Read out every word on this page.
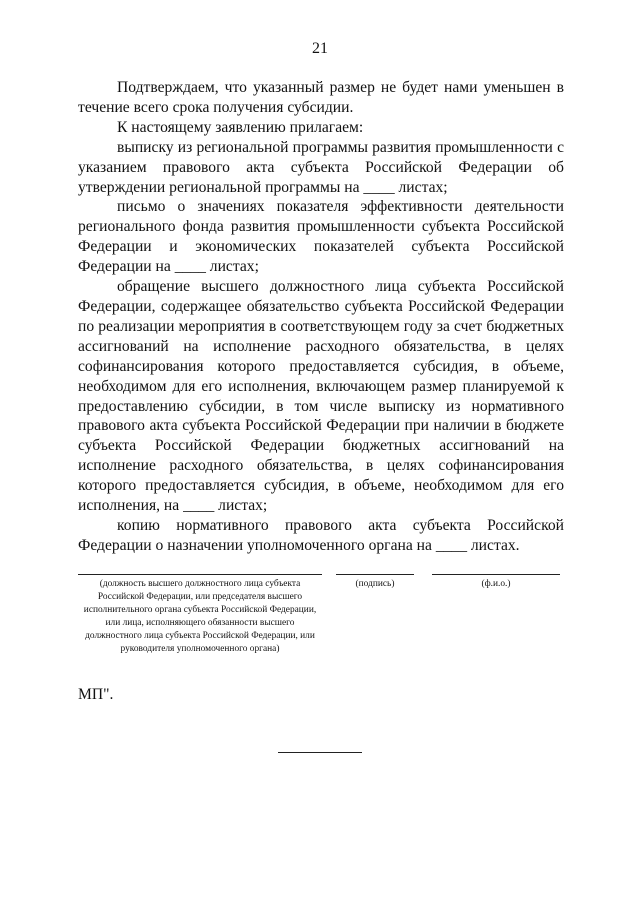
21

Подтверждаем, что указанный размер не будет нами уменьшен в течение всего срока получения субсидии.

К настоящему заявлению прилагаем:

выписку из региональной программы развития промышленности с указанием правового акта субъекта Российской Федерации об утверждении региональной программы на ____ листах;

письмо о значениях показателя эффективности деятельности регионального фонда развития промышленности субъекта Российской Федерации и экономических показателей субъекта Российской Федерации на ____ листах;

обращение высшего должностного лица субъекта Российской Федерации, содержащее обязательство субъекта Российской Федерации по реализации мероприятия в соответствующем году за счет бюджетных ассигнований на исполнение расходного обязательства, в целях софинансирования которого предоставляется субсидия, в объеме, необходимом для его исполнения, включающем размер планируемой к предоставлению субсидии, в том числе выписку из нормативного правового акта субъекта Российской Федерации при наличии в бюджете субъекта Российской Федерации бюджетных ассигнований на исполнение расходного обязательства, в целях софинансирования которого предоставляется субсидия, в объеме, необходимом для его исполнения, на ____ листах;

копию нормативного правового акта субъекта Российской Федерации о назначении уполномоченного органа на ____ листах.

(должность высшего должностного лица субъекта Российской Федерации, или председателя высшего исполнительного органа субъекта Российской Федерации, или лица, исполняющего обязанности высшего должностного лица субъекта Российской Федерации, или руководителя уполномоченного органа)
(подпись)	(ф.и.о.)
МП".
